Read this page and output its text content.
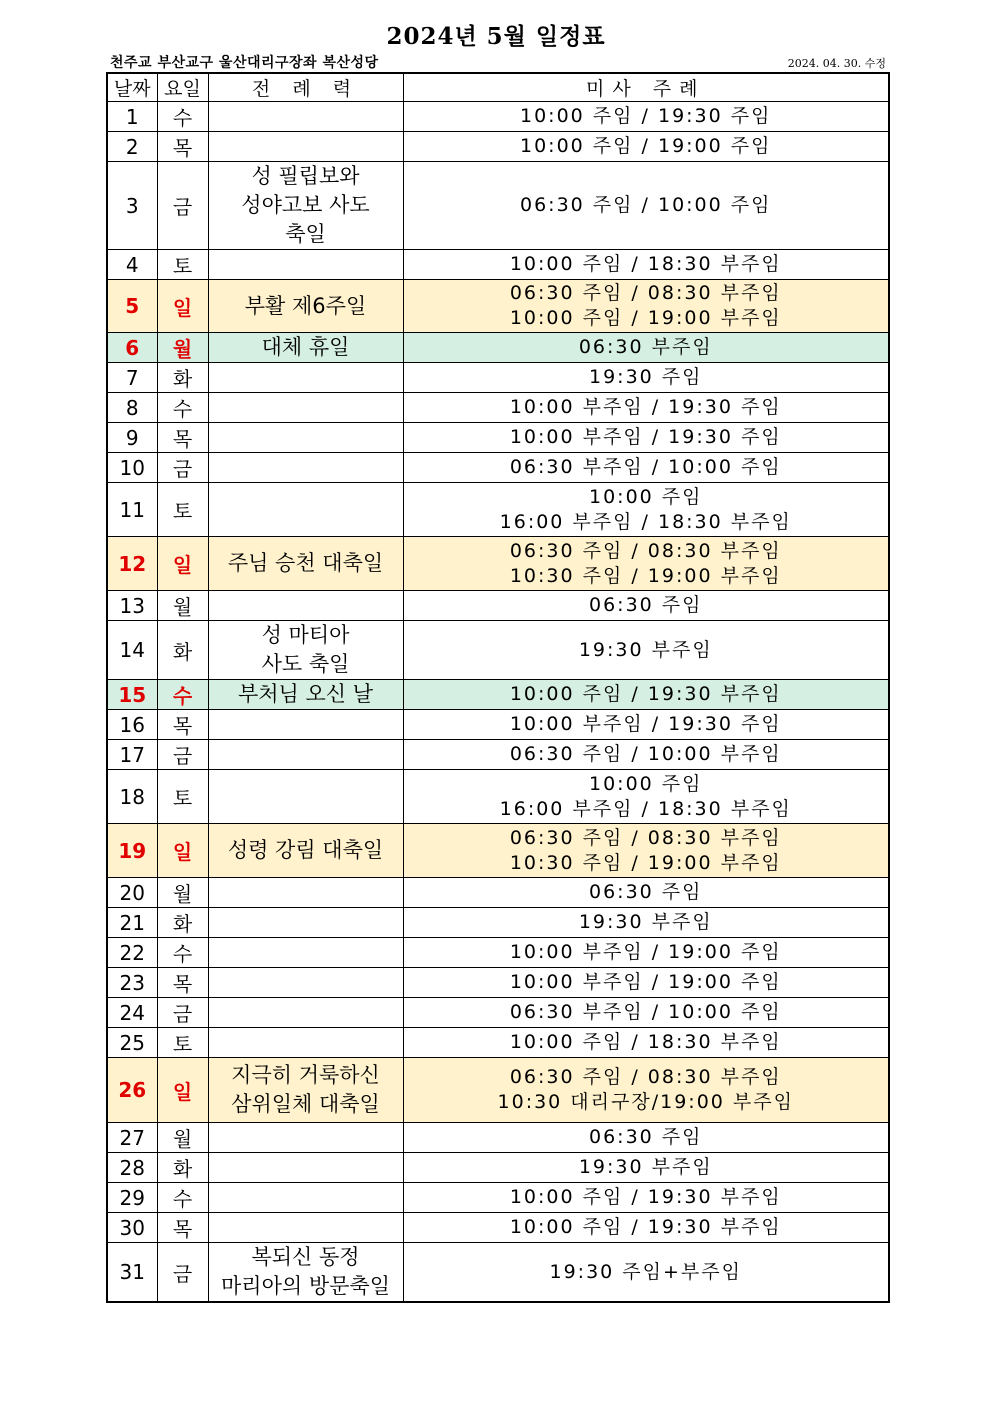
2024년 5월 일정표
천주교 부산교구 울산대리구장좌 복산성당	2024. 04. 30. 수정
날짜	요일	전 례 력	미사 주례
1	수		10:00 주임 / 19:30 주임
2	목		10:00 주임 / 19:00 주임
3	금	성 필립보와
성야고보 사도
축일	06:30 주임 / 10:00 주임
4	토		10:00 주임 / 18:30 부주임
5	일	부활 제6주일	06:30 주임 / 08:30 부주임
10:00 주임 / 19:00 부주임
6	월	대체 휴일	06:30 부주임
7	화		19:30 주임
8	수		10:00 부주임 / 19:30 주임
9	목		10:00 부주임 / 19:30 주임
10	금		06:30 부주임 / 10:00 주임
11	토		10:00 주임
16:00 부주임 / 18:30 부주임
12	일	주님 승천 대축일	06:30 주임 / 08:30 부주임
10:30 주임 / 19:00 부주임
13	월		06:30 주임
14	화	성 마티아
사도 축일	19:30 부주임
15	수	부처님 오신 날	10:00 주임 / 19:30 부주임
16	목		10:00 부주임 / 19:30 주임
17	금		06:30 주임 / 10:00 부주임
18	토		10:00 주임
16:00 부주임 / 18:30 부주임
19	일	성령 강림 대축일	06:30 주임 / 08:30 부주임
10:30 주임 / 19:00 부주임
20	월		06:30 주임
21	화		19:30 부주임
22	수		10:00 부주임 / 19:00 주임
23	목		10:00 부주임 / 19:00 주임
24	금		06:30 부주임 / 10:00 주임
25	토		10:00 주임 / 18:30 부주임
26	일	지극히 거룩하신
삼위일체 대축일	06:30 주임 / 08:30 부주임
10:30 대리구장/19:00 부주임
27	월		06:30 주임
28	화		19:30 부주임
29	수		10:00 주임 / 19:30 부주임
30	목		10:00 주임 / 19:30 부주임
31	금	복되신 동정
마리아의 방문축일	19:30 주임+부주임
